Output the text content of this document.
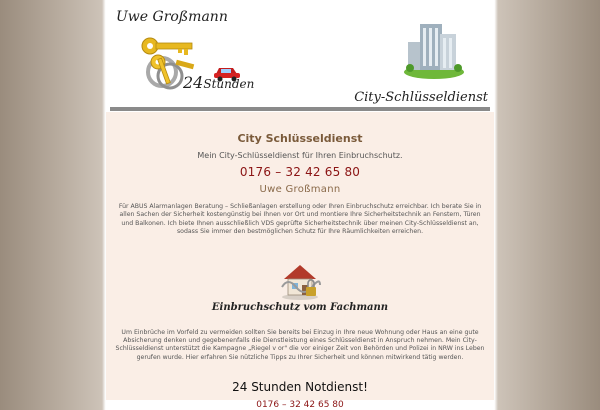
Uwe Großmann
24Stunden
City-Schlüsseldienst
City Schlüsseldienst
Mein City-Schlüsseldienst für Ihren Einbruchschutz.
0176 – 32 42 65 80
Uwe Großmann
Für ABUS Alarmanlagen Beratung – Schließanlagen erstellung oder Ihren Einbruchschutz erreichbar. Ich berate Sie in allen Sachen der Sicherheit kostengünstig bei Ihnen vor Ort und montiere Ihre Sicherheitstechnik an Fenstern, Türen und Balkonen. Ich biete Ihnen ausschließlich VDS geprüfte Sicherheitstechnik über meinen City-Schlüsseldienst an, sodass Sie immer den bestmöglichen Schutz für Ihre Räumlichkeiten erreichen.
Einbruchschutz vom Fachmann
Um Einbrüche im Vorfeld zu vermeiden sollten Sie bereits bei Einzug in Ihre neue Wohnung oder Haus an eine gute Absicherung denken und gegebenenfalls die Dienstleistung eines Schlüsseldienst in Anspruch nehmen. Mein City-Schlüsseldienst unterstützt die Kampagne „Riegel v or" die vor einiger Zeit von Behörden und Polizei in NRW ins Leben gerufen wurde. Hier erfahren Sie nützliche Tipps zu Ihrer Sicherheit und können mitwirkend tätig werden.
24 Stunden Notdienst!
0176 – 32 42 65 80
